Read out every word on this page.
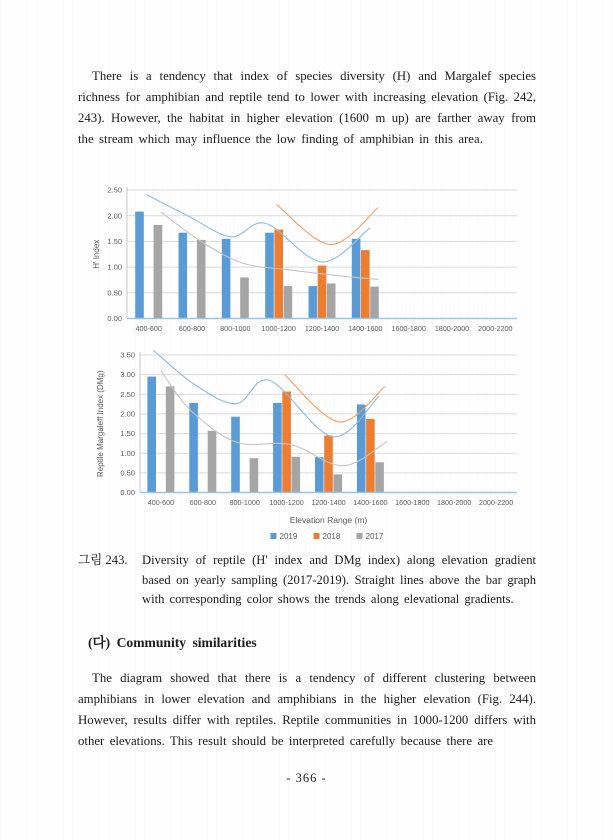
There is a tendency that index of species diversity (H) and Margalef species richness for amphibian and reptile tend to lower with increasing elevation (Fig. 242, 243). However, the habitat in higher elevation (1600 m up) are farther away from the stream which may influence the low finding of amphibian in this area.

0.00
0.50
1.00
1.50
2.00
2.50
400-600 600-800 800-1000 1000-1200 1200-1400 1400-1600 1600-1800 1800-2000 2000-2200
H' Index
0.00
0.50
1.00
1.50
2.00
2.50
3.00
3.50
400-600 600-800 800-1000 1000-1200 1200-1400 1400-1600 1600-1800 1800-2000 2000-2200
Reptile Margaleff Index (DMg)
Elevation Range (m)
2019	2018	2017
그림 243.	Diversity of reptile (H' index and DMg index) along elevation gradient based on yearly sampling (2017-2019). Straight lines above the bar graph with corresponding color shows the trends along elevational gradients.
(다) Community similarities

The diagram showed that there is a tendency of different clustering between amphibians in lower elevation and amphibians in the higher elevation (Fig. 244). However, results differ with reptiles. Reptile communities in 1000-1200 differs with other elevations. This result should be interpreted carefully because there are

- 366 -
